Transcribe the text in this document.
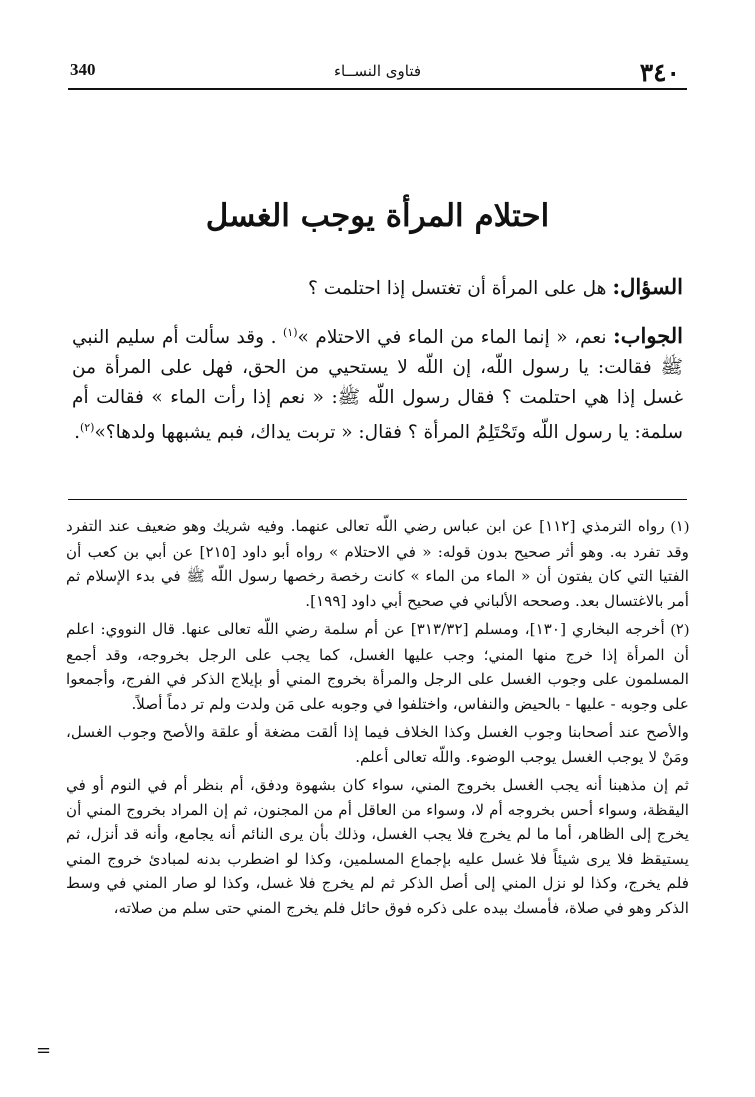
٣٤٠
فتاوى النســاء
340
احتلام المرأة يوجب الغسل
السؤال: هل على المرأة أن تغتسل إذا احتلمت ؟
الجواب: نعم، « إنما الماء من الماء في الاحتلام »$^{(١)}$ . وقد سألت أم سليم النبي ﷺ فقالت: يا رسول اللّه، إن اللّه لا يستحيي من الحق، فهل على المرأة من غسل إذا هي احتلمت ؟ فقال رسول اللّه ﷺ: « نعم إذا رأت الماء » فقالت أم سلمة: يا رسول اللّه وتَحْتَلِمُ المرأة ؟ فقال: « تربت يداك، فبم يشبهها ولدها؟»$^{(٢)}$.

(١)رواه الترمذي [١١٢] عن ابن عباس رضي اللّه تعالى عنهما. وفيه شريك وهو ضعيف عند التفرد وقد تفرد به. وهو أثر صحيح بدون قوله: « في الاحتلام » رواه أبو داود [٢١٥] عن أبي بن كعب أن الفتيا التي كان يفتون أن « الماء من الماء » كانت رخصة رخصها رسول اللّه ﷺ في بدء الإسلام ثم أمر بالاغتسال بعد. وصححه الألباني في صحيح أبي داود [١٩٩].

(٢)أخرجه البخاري [١٣٠]، ومسلم [٣١٣/٣٢] عن أم سلمة رضي اللّه تعالى عنها. قال النووي: اعلم أن المرأة إذا خرج منها المني؛ وجب عليها الغسل، كما يجب على الرجل بخروجه، وقد أجمع المسلمون على وجوب الغسل على الرجل والمرأة بخروج المني أو بإيلاج الذكر في الفرج، وأجمعوا على وجوبه - عليها - بالحيض والنفاس، واختلفوا في وجوبه على مَن ولدت ولم تر دماً أصلاً.

والأصح عند أصحابنا وجوب الغسل وكذا الخلاف فيما إذا ألقت مضغة أو علقة والأصح وجوب الغسل، ومَنْ لا يوجب الغسل يوجب الوضوء. واللّه تعالى أعلم.

ثم إن مذهبنا أنه يجب الغسل بخروج المني، سواء كان بشهوة ودفق، أم بنظر أم في النوم أو في اليقظة، وسواء أحس بخروجه أم لا، وسواء من العاقل أم من المجنون، ثم إن المراد بخروج المني أن يخرج إلى الظاهر، أما ما لم يخرج فلا يجب الغسل، وذلك بأن يرى النائم أنه يجامع، وأنه قد أنزل، ثم يستيقظ فلا يرى شيئاً فلا غسل عليه بإجماع المسلمين، وكذا لو اضطرب بدنه لمبادئ خروج المني فلم يخرج، وكذا لو نزل المني إلى أصل الذكر ثم لم يخرج فلا غسل، وكذا لو صار المني في وسط الذكر وهو في صلاة، فأمسك بيده على ذكره فوق حائل فلم يخرج المني حتى سلم من صلاته،

=
